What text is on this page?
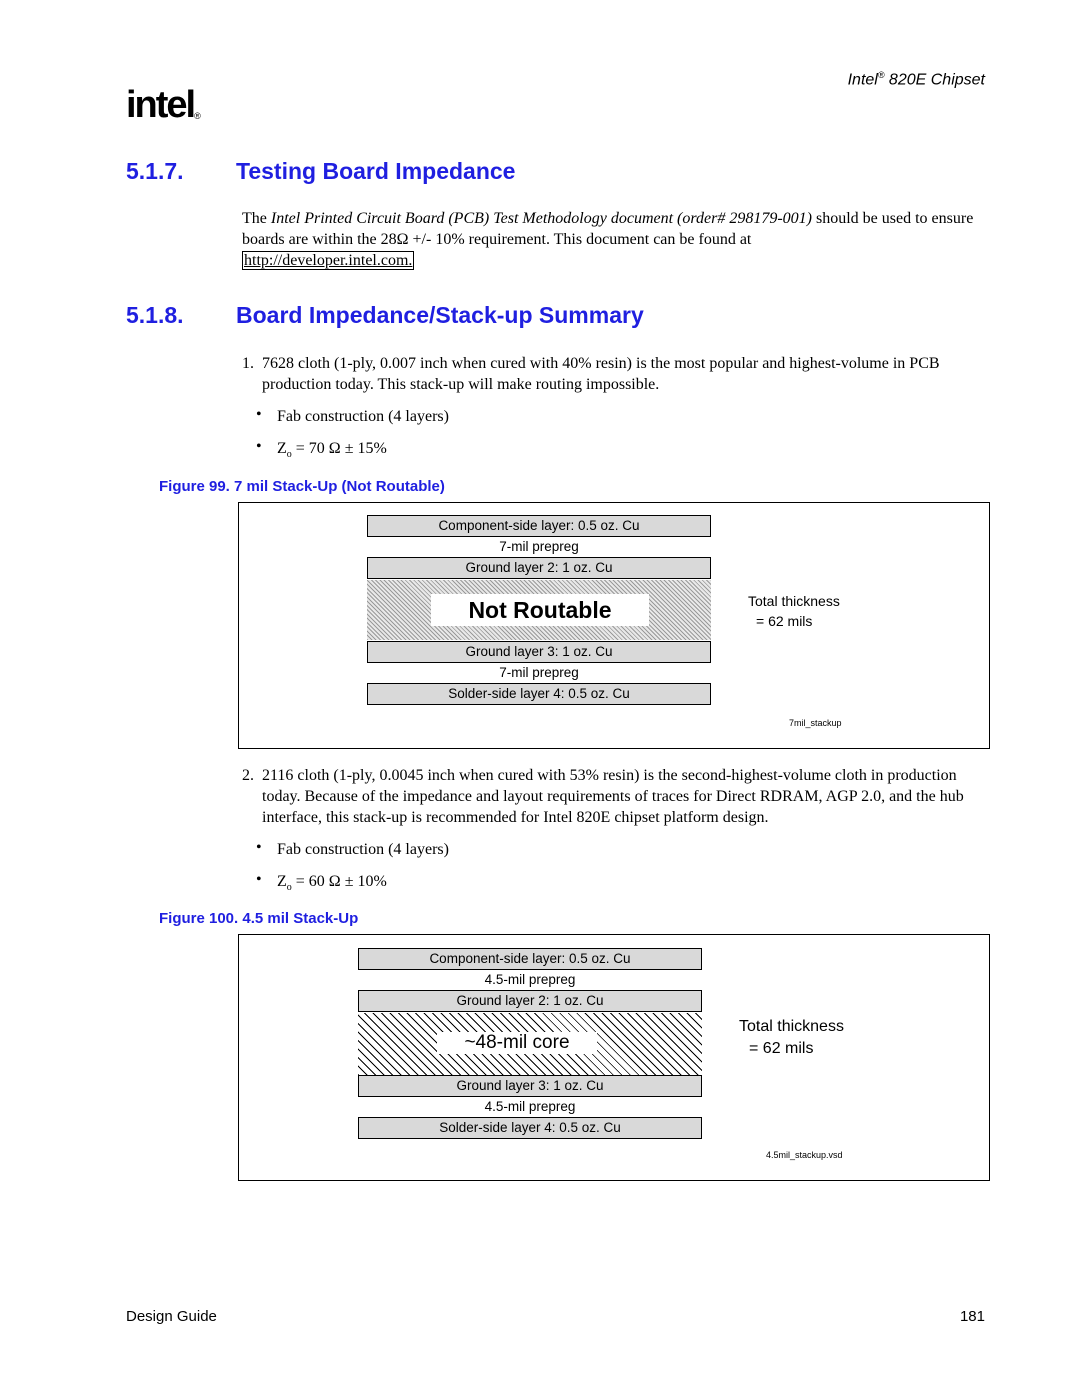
intel®
Intel® 820E Chipset
5.1.7. Testing Board Impedance
The Intel Printed Circuit Board (PCB) Test Methodology document (order# 298179-001) should be used to ensure boards are within the 28Ω +/- 10% requirement. This document can be found at
http://developer.intel.com.
5.1.8. Board Impedance/Stack-up Summary
1. 7628 cloth (1-ply, 0.007 inch when cured with 40% resin) is the most popular and highest-volume in PCB production today. This stack-up will make routing impossible.
• Fab construction (4 layers)
• $Z_o = 70$ Ω ± 15%
Figure 99. 7 mil Stack-Up (Not Routable)
Component-side layer: 0.5 oz. Cu
7-mil prepreg
Ground layer 2: 1 oz. Cu
Not Routable
Ground layer 3: 1 oz. Cu
7-mil prepreg
Solder-side layer 4: 0.5 oz. Cu
Total thickness
= 62 mils
7mil_stackup
2. 2116 cloth (1-ply, 0.0045 inch when cured with 53% resin) is the second-highest-volume cloth in production today. Because of the impedance and layout requirements of traces for Direct RDRAM, AGP 2.0, and the hub interface, this stack-up is recommended for Intel 820E chipset platform design.
• Fab construction (4 layers)
• $Z_o = 60$ Ω ± 10%
Figure 100. 4.5 mil Stack-Up
Component-side layer: 0.5 oz. Cu
4.5-mil prepreg
Ground layer 2: 1 oz. Cu
~48-mil core
Ground layer 3: 1 oz. Cu
4.5-mil prepreg
Solder-side layer 4: 0.5 oz. Cu
Total thickness
= 62 mils
4.5mil_stackup.vsd
Design Guide	181
